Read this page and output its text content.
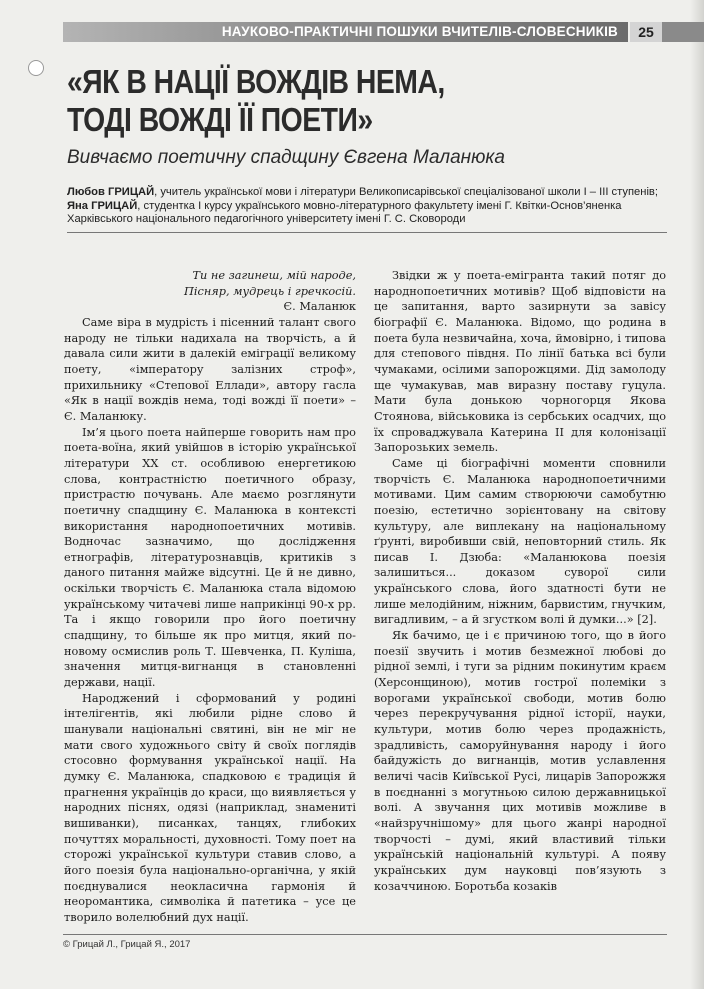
НАУКОВО-ПРАКТИЧНІ ПОШУКИ ВЧИТЕЛІВ-СЛОВЕСНИКІВ	25
«ЯК В НАЦІЇ ВОЖДІВ НЕМА,
ТОДІ ВОЖДІ ЇЇ ПОЕТИ»
Вивчаємо поетичну спадщину Євгена Маланюка

Любов ГРИЦАЙ, учитель української мови і літератури Великописарівської спеціалізованої школи І – ІІІ ступенів;

Яна ГРИЦАЙ, студентка І курсу українського мовно-літературного факультету імені Г. Квітки-Основ’яненка Харківського національного педагогічного університету імені Г. С. Сковороди

Ти не загинеш, мій народе,
Пісняр, мудрець і гречкосій.
Є. Маланюк

Саме віра в мудрість і пісенний талант свого народу не тільки надихала на творчість, а й давала сили жити в далекій еміграції великому поету, «імператору залізних строф», прихильнику «Степової Еллади», автору гасла «Як в нації вождів нема, тоді вожді її поети» – Є. Маланюку.

Ім’я цього поета найперше говорить нам про поета-воїна, який увійшов в історію української літератури ХХ ст. особливою енергетикою слова, контрастністю поетичного образу, пристрастю почувань. Але маємо розглянути поетичну спадщину Є. Маланюка в контексті використання народнопоетичних мотивів. Водночас зазначимо, що дослідження етнографів, літературознавців, критиків з даного питання майже відсутні. Це й не дивно, оскільки творчість Є. Маланюка стала відомою українському читачеві лише наприкінці 90-х рр. Та і якщо говорили про його поетичну спадщину, то більше як про митця, який по-новому осмислив роль Т. Шевченка, П. Куліша, значення митця-вигнанця в становленні держави, нації.

Народжений і сформований у родині інтелігентів, які любили рідне слово й шанували національні святині, він не міг не мати свого художнього світу й своїх поглядів стосовно формування української нації. На думку Є. Маланюка, спадковою є традиція й прагнення українців до краси, що виявляється у народних піснях, одязі (наприклад, знамениті вишиванки), писанках, танцях, глибоких почуттях моральності, духовності. Тому поет на сторожі української культури ставив слово, а його поезія була національно-органічна, у якій поєднувалися неокласична гармонія й неоромантика, символіка й патетика – усе це творило волелюбний дух нації.

Звідки ж у поета-емігранта такий потяг до народнопоетичних мотивів? Щоб відповісти на це запитання, варто зазирнути за завісу біографії Є. Маланюка. Відомо, що родина в поета була незвичайна, хоча, ймовірно, і типова для степового півдня. По лінії батька всі були чумаками, осілими запорожцями. Дід замолоду ще чумакував, мав виразну поставу гуцула. Мати була донькою чорногорця Якова Стоянова, військовика із сербських осадчих, що їх спроваджувала Катерина ІІ для колонізації Запорозьких земель.

Саме ці біографічні моменти сповнили творчість Є. Маланюка народнопоетичними мотивами. Цим самим створюючи самобутню поезію, естетично зорієнтовану на світову культуру, але виплекану на національному ґрунті, виробивши свій, неповторний стиль. Як писав І. Дзюба: «Маланюкова поезія залишиться... доказом суворої сили українського слова, його здатності бути не лише мелодійним, ніжним, барвистим, гнучким, вигадливим, – а й згустком волі й думки...» [2].

Як бачимо, це і є причиною того, що в його поезії звучить і мотив безмежної любові до рідної землі, і туги за рідним покинутим краєм (Херсонщиною), мотив гострої полеміки з ворогами української свободи, мотив болю через перекручування рідної історії, науки, культури, мотив болю через продажність, зрадливість, саморуйнування народу і його байдужість до вигнанців, мотив уславлення величі часів Київської Русі, лицарів Запорожжя в поєднанні з могутньою силою державницької волі. А звучання цих мотивів можливе в «найзручнішому» для цього жанрі народної творчості – думі, який властивий тільки українській національній культурі. А появу українських дум науковці пов’язують з козаччиною. Боротьба козаків

© Грицай Л., Грицай Я., 2017
